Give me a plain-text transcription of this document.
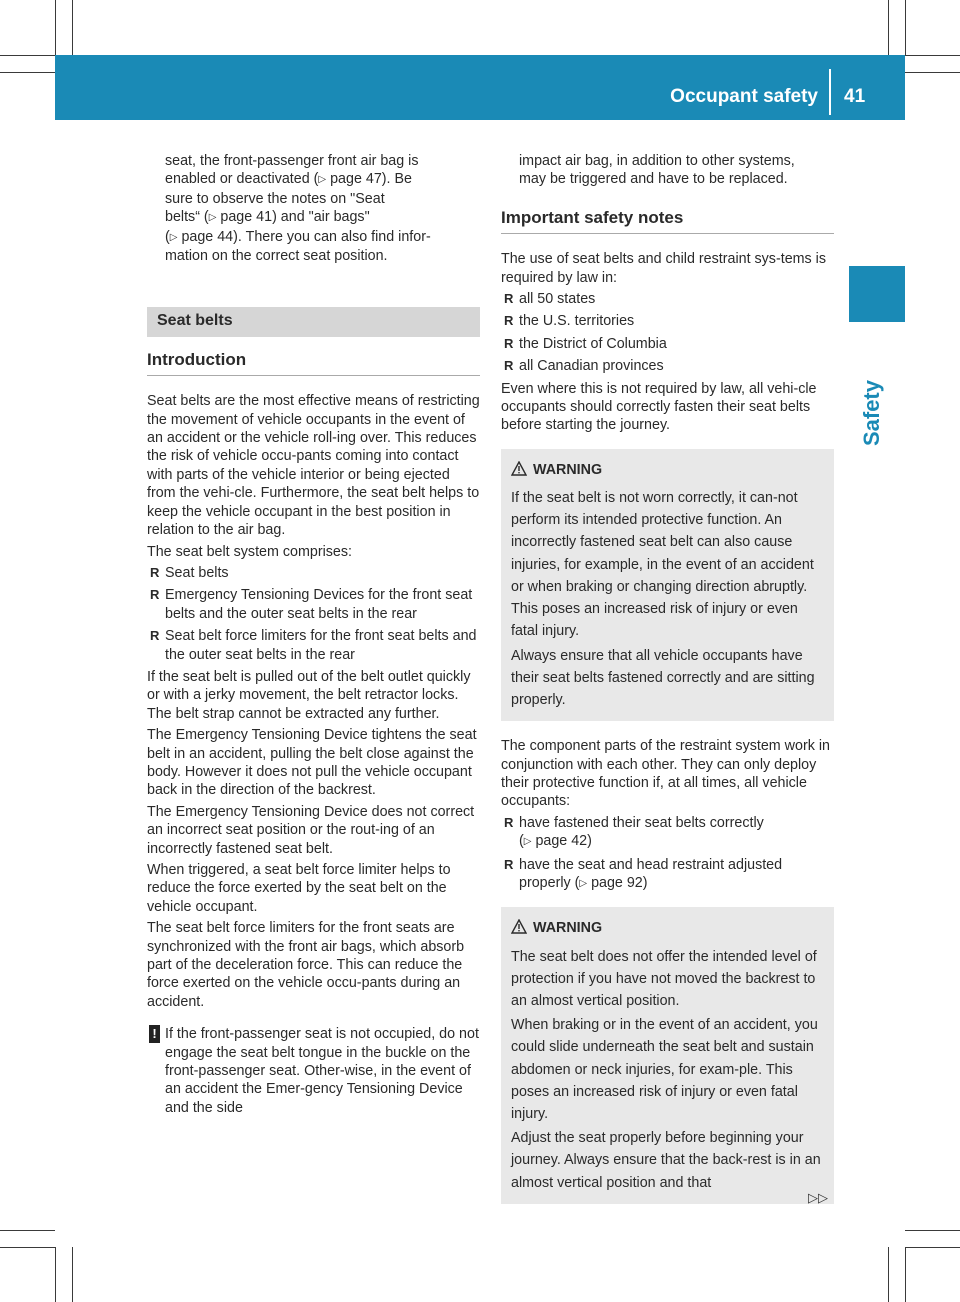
Occupant safety 41
Safety
seat, the front-passenger front air bag is
enabled or deactivated (▷ page 47). Be
sure to observe the notes on "Seat
belts“ (▷ page 41) and "air bags"
(▷ page 44). There you can also find infor-
mation on the correct seat position.
Seat belts
Introduction

Seat belts are the most effective means of restricting the movement of vehicle occupants in the event of an accident or the vehicle roll-ing over. This reduces the risk of vehicle occu-pants coming into contact with parts of the vehicle interior or being ejected from the vehi-cle. Furthermore, the seat belt helps to keep the vehicle occupant in the best position in relation to the air bag.

The seat belt system comprises:

R Seat belts
R Emergency Tensioning Devices for the front seat belts and the outer seat belts in the rear
R Seat belt force limiters for the front seat belts and the outer seat belts in the rear

If the seat belt is pulled out of the belt outlet quickly or with a jerky movement, the belt retractor locks. The belt strap cannot be extracted any further.

The Emergency Tensioning Device tightens the seat belt in an accident, pulling the belt close against the body. However it does not pull the vehicle occupant back in the direction of the backrest.

The Emergency Tensioning Device does not correct an incorrect seat position or the rout-ing of an incorrectly fastened seat belt.

When triggered, a seat belt force limiter helps to reduce the force exerted by the seat belt on the vehicle occupant.

The seat belt force limiters for the front seats are synchronized with the front air bags, which absorb part of the deceleration force. This can reduce the force exerted on the vehicle occu-pants during an accident.

! If the front-passenger seat is not occupied, do not engage the seat belt tongue in the buckle on the front-passenger seat. Other-wise, in the event of an accident the Emer-gency Tensioning Device and the side
impact air bag, in addition to other systems,
may be triggered and have to be replaced.
Important safety notes

The use of seat belts and child restraint sys-tems is required by law in:

R all 50 states
R the U.S. territories
R the District of Columbia
R all Canadian provinces

Even where this is not required by law, all vehi-cle occupants should correctly fasten their seat belts before starting the journey.

WARNING

If the seat belt is not worn correctly, it can-not perform its intended protective function. An incorrectly fastened seat belt can also cause injuries, for example, in the event of an accident or when braking or changing direction abruptly. This poses an increased risk of injury or even fatal injury.

Always ensure that all vehicle occupants have their seat belts fastened correctly and are sitting properly.

The component parts of the restraint system work in conjunction with each other. They can only deploy their protective function if, at all times, all vehicle occupants:

R have fastened their seat belts correctly
(▷ page 42)
R have the seat and head restraint adjusted
properly (▷ page 92)
WARNING

The seat belt does not offer the intended level of protection if you have not moved the backrest to an almost vertical position.

When braking or in the event of an accident, you could slide underneath the seat belt and sustain abdomen or neck injuries, for exam-ple. This poses an increased risk of injury or even fatal injury.

Adjust the seat properly before beginning your journey. Always ensure that the back-rest is in an almost vertical position and that

▷▷
